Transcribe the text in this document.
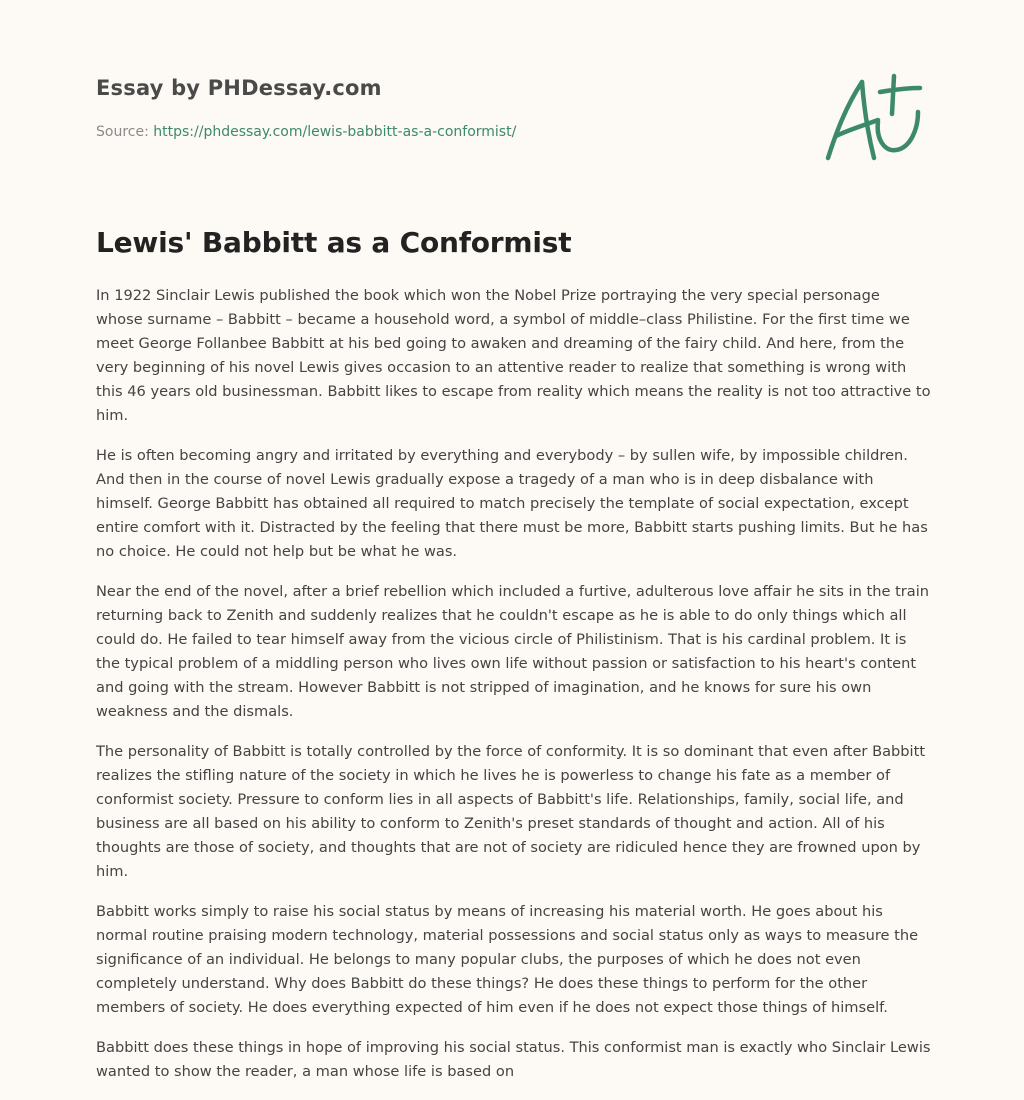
Essay by PHDessay.com

Source: https://phdessay.com/lewis-babbitt-as-a-conformist/

Lewis' Babbitt as a Conformist

In 1922 Sinclair Lewis published the book which won the Nobel Prize portraying the very special personage whose surname – Babbitt – became a household word, a symbol of middle–class Philistine. For the first time we meet George Follanbee Babbitt at his bed going to awaken and dreaming of the fairy child. And here, from the very beginning of his novel Lewis gives occasion to an attentive reader to realize that something is wrong with this 46 years old businessman. Babbitt likes to escape from reality which means the reality is not too attractive to him.

He is often becoming angry and irritated by everything and everybody – by sullen wife, by impossible children. And then in the course of novel Lewis gradually expose a tragedy of a man who is in deep disbalance with himself. George Babbitt has obtained all required to match precisely the template of social expectation, except entire comfort with it. Distracted by the feeling that there must be more, Babbitt starts pushing limits. But he has no choice. He could not help but be what he was.

Near the end of the novel, after a brief rebellion which included a furtive, adulterous love affair he sits in the train returning back to Zenith and suddenly realizes that he couldn't escape as he is able to do only things which all could do. He failed to tear himself away from the vicious circle of Philistinism. That is his cardinal problem. It is the typical problem of a middling person who lives own life without passion or satisfaction to his heart's content and going with the stream. However Babbitt is not stripped of imagination, and he knows for sure his own weakness and the dismals.

The personality of Babbitt is totally controlled by the force of conformity. It is so dominant that even after Babbitt realizes the stifling nature of the society in which he lives he is powerless to change his fate as a member of conformist society. Pressure to conform lies in all aspects of Babbitt's life. Relationships, family, social life, and business are all based on his ability to conform to Zenith's preset standards of thought and action. All of his thoughts are those of society, and thoughts that are not of society are ridiculed hence they are frowned upon by him.

Babbitt works simply to raise his social status by means of increasing his material worth. He goes about his normal routine praising modern technology, material possessions and social status only as ways to measure the significance of an individual. He belongs to many popular clubs, the purposes of which he does not even completely understand. Why does Babbitt do these things? He does these things to perform for the other members of society. He does everything expected of him even if he does not expect those things of himself.

Babbitt does these things in hope of improving his social status. This conformist man is exactly who Sinclair Lewis wanted to show the reader, a man whose life is based on
